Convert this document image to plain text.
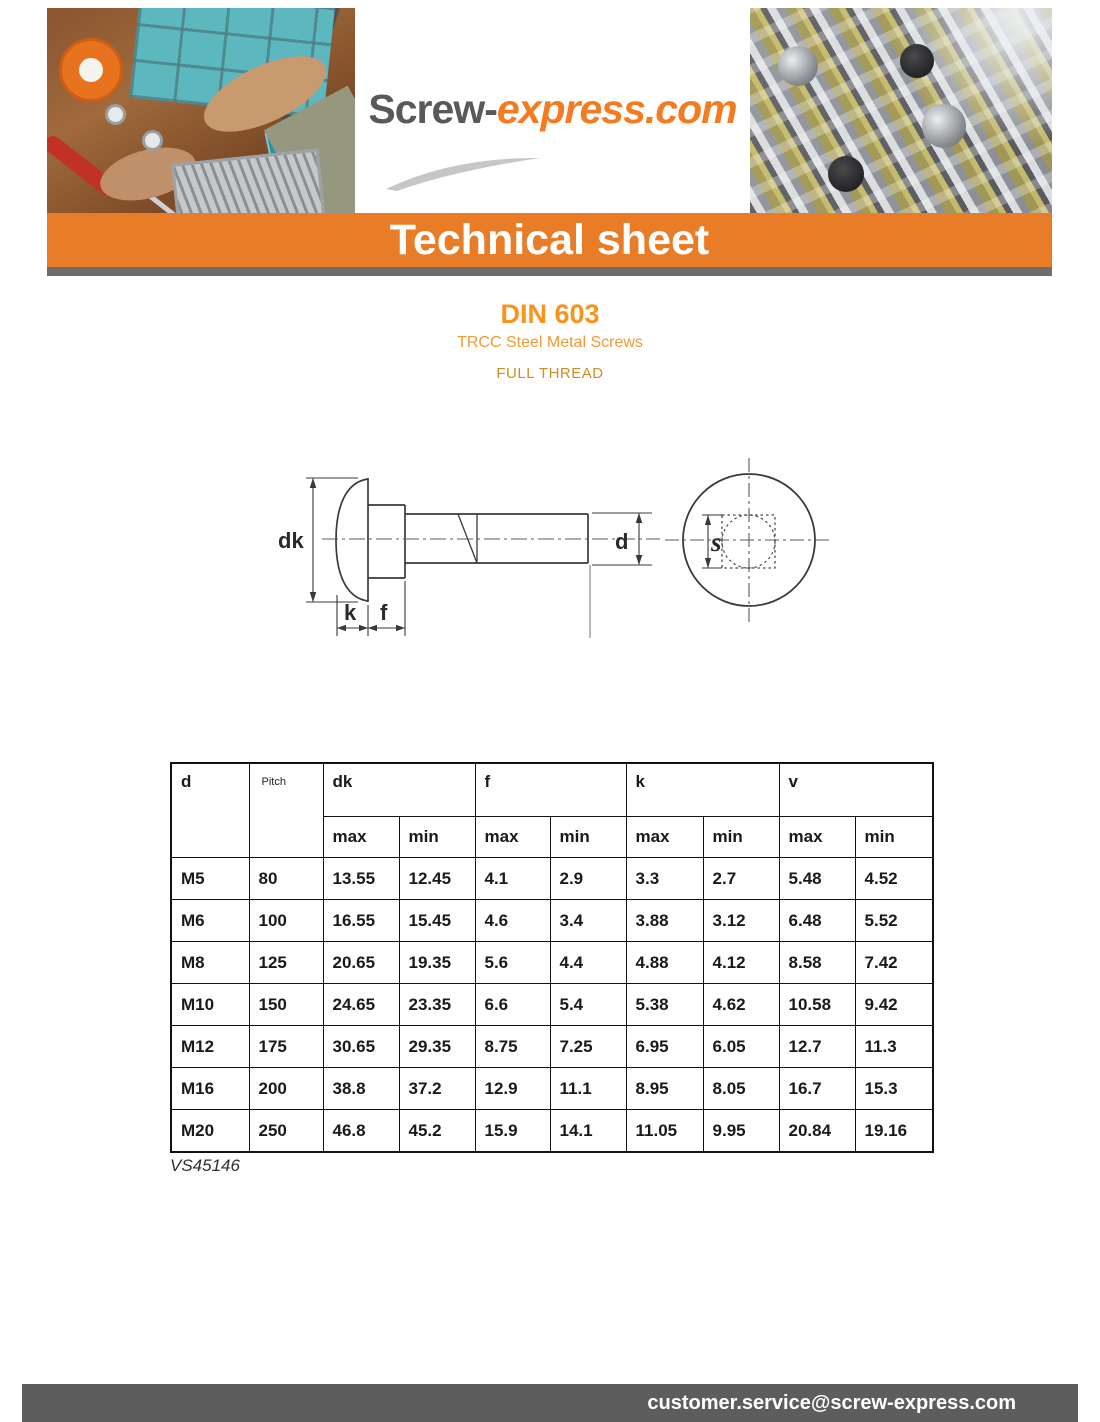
Screw-express.com
Technical sheet
DIN 603
TRCC Steel Metal Screws
FULL THREAD
dk	d
k f
s
d	Pitch	dk		f		k		v	
		max	min	max	min	max	min	max	min
M5	80	13.55	12.45	4.1	2.9	3.3	2.7	5.48	4.52
M6	100	16.55	15.45	4.6	3.4	3.88	3.12	6.48	5.52
M8	125	20.65	19.35	5.6	4.4	4.88	4.12	8.58	7.42
M10	150	24.65	23.35	6.6	5.4	5.38	4.62	10.58	9.42
M12	175	30.65	29.35	8.75	7.25	6.95	6.05	12.7	11.3
M16	200	38.8	37.2	12.9	11.1	8.95	8.05	16.7	15.3
M20	250	46.8	45.2	15.9	14.1	11.05	9.95	20.84	19.16
VS45146
customer.service@screw-express.com
